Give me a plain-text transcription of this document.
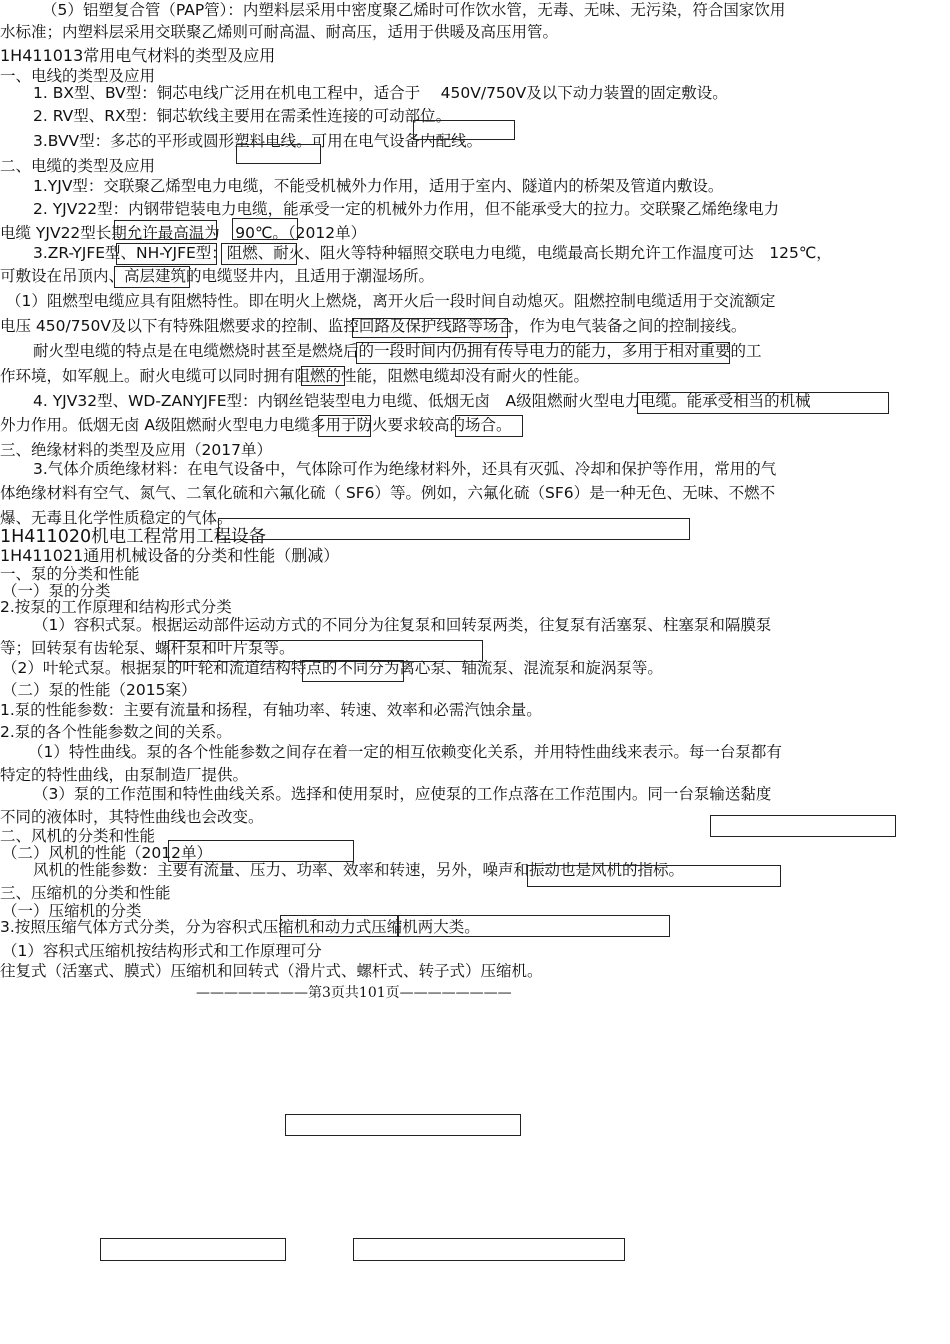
（5）铝塑复合管（PAP管）：内塑料层采用中密度聚乙烯时可作饮水管，无毒、无味、无污染，符合国家饮用
水标准；内塑料层采用交联聚乙烯则可耐高温、耐高压，适用于供暖及高压用管。
1H411013常用电气材料的类型及应用
一、电线的类型及应用
1. BX型、BV型：铜芯电线广泛用在机电工程中，适合于　 450V/750V及以下动力装置的固定敷设。
2. RV型、RX型：铜芯软线主要用在需柔性连接的可动部位。
3.BVV型：多芯的平形或圆形塑料电线。可用在电气设备内配线。
二、电缆的类型及应用
1.YJV型：交联聚乙烯型电力电缆，不能受机械外力作用，适用于室内、隧道内的桥架及管道内敷设。
2. YJV22型：内钢带铠装电力电缆，能承受一定的机械外力作用，但不能承受大的拉力。交联聚乙烯绝缘电力
电缆 YJV22型长期允许最高温为　90℃。（2012单）
3.ZR-YJFE型、NH-YJFE型：阻燃、耐火、阻火等特种辐照交联电力电缆，电缆最高长期允许工作温度可达　125℃，
可敷设在吊顶内、高层建筑的电缆竖井内，且适用于潮湿场所。
（1）阻燃型电缆应具有阻燃特性。即在明火上燃烧，离开火后一段时间自动熄灭。阻燃控制电缆适用于交流额定
电压 450/750V及以下有特殊阻燃要求的控制、监控回路及保护线路等场合，作为电气装备之间的控制接线。
耐火型电缆的特点是在电缆燃烧时甚至是燃烧后的一段时间内仍拥有传导电力的能力，多用于相对重要的工
作环境，如军舰上。耐火电缆可以同时拥有阻燃的性能，阻燃电缆却没有耐火的性能。
4. YJV32型、WD-ZANYJFE型：内钢丝铠装型电力电缆、低烟无卤　A级阻燃耐火型电力电缆。能承受相当的机械
外力作用。低烟无卤 A级阻燃耐火型电力电缆多用于防火要求较高的场合。
三、绝缘材料的类型及应用（2017单）
3.气体介质绝缘材料：在电气设备中，气体除可作为绝缘材料外，还具有灭弧、冷却和保护等作用，常用的气
体绝缘材料有空气、氮气、二氧化硫和六氟化硫（ SF6）等。例如，六氟化硫（SF6）是一种无色、无味、不燃不
爆、无毒且化学性质稳定的气体。
1H411020机电工程常用工程设备
1H411021通用机械设备的分类和性能（删减）
一、泵的分类和性能
（一）泵的分类
2.按泵的工作原理和结构形式分类
（1）容积式泵。根据运动部件运动方式的不同分为往复泵和回转泵两类，往复泵有活塞泵、柱塞泵和隔膜泵
等；回转泵有齿轮泵、螺杆泵和叶片泵等。
（2）叶轮式泵。根据泵的叶轮和流道结构特点的不同分为离心泵、轴流泵、混流泵和旋涡泵等。
（二）泵的性能（2015案）
1.泵的性能参数：主要有流量和扬程，有轴功率、转速、效率和必需汽蚀余量。
2.泵的各个性能参数之间的关系。
（1）特性曲线。泵的各个性能参数之间存在着一定的相互依赖变化关系，并用特性曲线来表示。每一台泵都有
特定的特性曲线，由泵制造厂提供。
（3）泵的工作范围和特性曲线关系。选择和使用泵时，应使泵的工作点落在工作范围内。同一台泵输送黏度
不同的液体时，其特性曲线也会改变。
二、风机的分类和性能
（二）风机的性能（2012单）
风机的性能参数：主要有流量、压力、功率、效率和转速，另外，噪声和振动也是风机的指标。
三、压缩机的分类和性能
（一）压缩机的分类
3.按照压缩气体方式分类，分为容积式压缩机和动力式压缩机两大类。
（1）容积式压缩机按结构形式和工作原理可分
往复式（活塞式、膜式）压缩机和回转式（滑片式、螺杆式、转子式）压缩机。
————————第3页共101页————————
